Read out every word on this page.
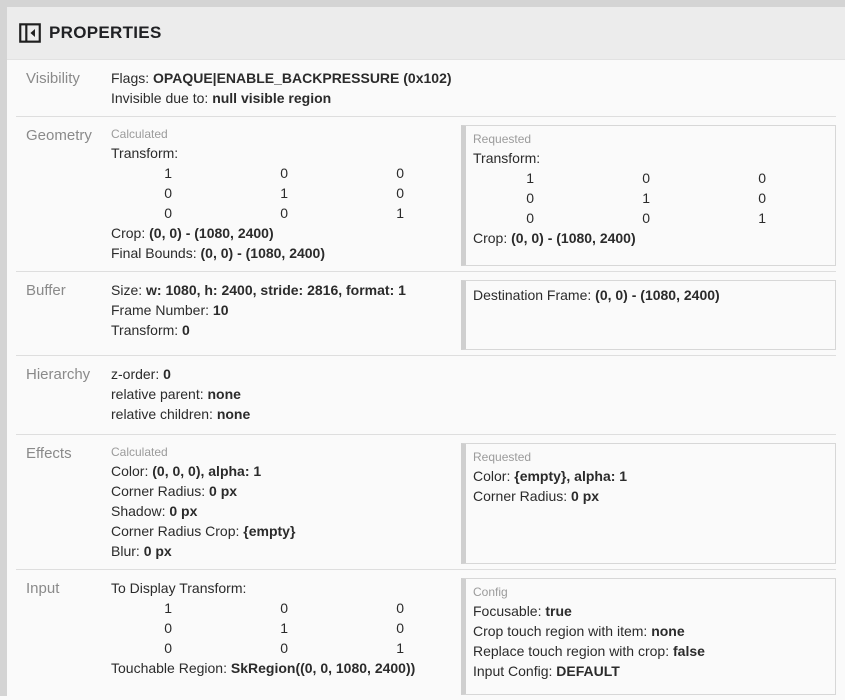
PROPERTIES
Visibility	Flags: OPAQUE|ENABLE_BACKPRESSURE (0x102)
Invisible due to: null visible region
Geometry	Calculated
Transform:
1	0	0
0	1	0
0	0	1
Crop: (0, 0) - (1080, 2400)
Final Bounds: (0, 0) - (1080, 2400)
Requested
Transform:
1	0	0
0	1	0
0	0	1
Crop: (0, 0) - (1080, 2400)
Buffer	Size: w: 1080, h: 2400, stride: 2816, format: 1
Frame Number: 10
Transform: 0
Destination Frame: (0, 0) - (1080, 2400)
Hierarchy	z-order: 0
relative parent: none
relative children: none
Effects	Calculated
Color: (0, 0, 0), alpha: 1
Corner Radius: 0 px
Shadow: 0 px
Corner Radius Crop: {empty}
Blur: 0 px
Requested
Color: {empty}, alpha: 1
Corner Radius: 0 px
Input	To Display Transform:
1	0	0
0	1	0
0	0	1
Touchable Region: SkRegion((0, 0, 1080, 2400))
Config
Focusable: true
Crop touch region with item: none
Replace touch region with crop: false
Input Config: DEFAULT
